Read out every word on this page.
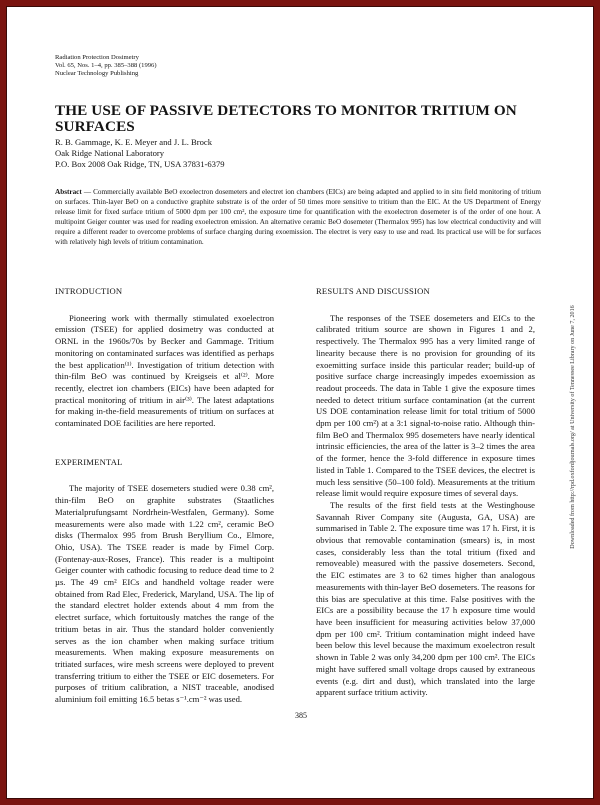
Radiation Protection Dosimetry
Vol. 65, Nos. 1–4, pp. 385–388 (1996)
Nuclear Technology Publishing
THE USE OF PASSIVE DETECTORS TO MONITOR TRITIUM ON SURFACES
R. B. Gammage, K. E. Meyer and J. L. Brock
Oak Ridge National Laboratory
P.O. Box 2008 Oak Ridge, TN, USA 37831-6379
Abstract — Commercially available BeO exoelectron dosemeters and electret ion chambers (EICs) are being adapted and applied to in situ field monitoring of tritium on surfaces. Thin-layer BeO on a conductive graphite substrate is of the order of 50 times more sensitive to tritium than the EIC. At the US Department of Energy release limit for fixed surface tritium of 5000 dpm per 100 cm², the exposure time for quantification with the exoelectron dosemeter is of the order of one hour. A multipoint Geiger counter was used for reading exoelectron emission. An alternative ceramic BeO dosemeter (Thermalox 995) has low electrical conductivity and will require a different reader to overcome problems of surface charging during exoemission. The electret is very easy to use and read. Its practical use will be for surfaces with relatively high levels of tritium contamination.
Downloaded from http://rpd.oxfordjournals.org/ at University of Tennessee Library on June 7, 2016
INTRODUCTION

Pioneering work with thermally stimulated exoelectron emission (TSEE) for applied dosimetry was conducted at ORNL in the 1960s/70s by Becker and Gammage. Tritium monitoring on contaminated surfaces was identified as perhaps the best application⁽¹⁾. Investigation of tritium detection with thin-film BeO was continued by Kreigseis et al⁽²⁾. More recently, electret ion chambers (EICs) have been adapted for practical monitoring of tritium in air⁽³⁾. The latest adaptations for making in-the-field measurements of tritium on surfaces at contaminated DOE facilities are here reported.

EXPERIMENTAL

The majority of TSEE dosemeters studied were 0.38 cm², thin-film BeO on graphite substrates (Staatliches Materialprufungsamt Nordrhein-Westfalen, Germany). Some measurements were also made with 1.22 cm², ceramic BeO disks (Thermalox 995 from Brush Beryllium Co., Elmore, Ohio, USA). The TSEE reader is made by Fimel Corp. (Fontenay-aux-Roses, France). This reader is a multipoint Geiger counter with cathodic focusing to reduce dead time to 2 µs. The 49 cm² EICs and handheld voltage reader were obtained from Rad Elec, Frederick, Maryland, USA. The lip of the standard electret holder extends about 4 mm from the electret surface, which fortuitously matches the range of the tritium betas in air. Thus the standard holder conveniently serves as the ion chamber when making surface tritium measurements. When making exposure measurements on tritiated surfaces, wire mesh screens were deployed to prevent transferring tritium to either the TSEE or EIC dosemeters. For purposes of tritium calibration, a NIST traceable, anodised aluminium foil emitting 16.5 betas s⁻¹.cm⁻² was used.

RESULTS AND DISCUSSION

The responses of the TSEE dosemeters and EICs to the calibrated tritium source are shown in Figures 1 and 2, respectively. The Thermalox 995 has a very limited range of linearity because there is no provision for grounding of its exoemitting surface inside this particular reader; build-up of positive surface charge increasingly impedes exoemission as readout proceeds. The data in Table 1 give the exposure times needed to detect tritium surface contamination (at the current US DOE contamination release limit for total tritium of 5000 dpm per 100 cm²) at a 3:1 signal-to-noise ratio. Although thin-film BeO and Thermalox 995 dosemeters have nearly identical intrinsic efficiencies, the area of the latter is 3–2 times the area of the former, hence the 3-fold difference in exposure times listed in Table 1. Compared to the TSEE devices, the electret is much less sensitive (50–100 fold). Measurements at the tritium release limit would require exposure times of several days.

The results of the first field tests at the Westinghouse Savannah River Company site (Augusta, GA, USA) are summarised in Table 2. The exposure time was 17 h. First, it is obvious that removable contamination (smears) is, in most cases, considerably less than the total tritium (fixed and removeable) measured with the passive dosemeters. Second, the EIC estimates are 3 to 62 times higher than analogous measurements with thin-layer BeO dosemeters. The reasons for this bias are speculative at this time. False positives with the EICs are a possibility because the 17 h exposure time would have been insufficient for measuring activities below 37,000 dpm per 100 cm². Tritium contamination might indeed have been below this level because the maximum exoelectron result shown in Table 2 was only 34,200 dpm per 100 cm². The EICs might have suffered small voltage drops caused by extraneous events (e.g. dirt and dust), which translated into the large apparent surface tritium activity.

385
